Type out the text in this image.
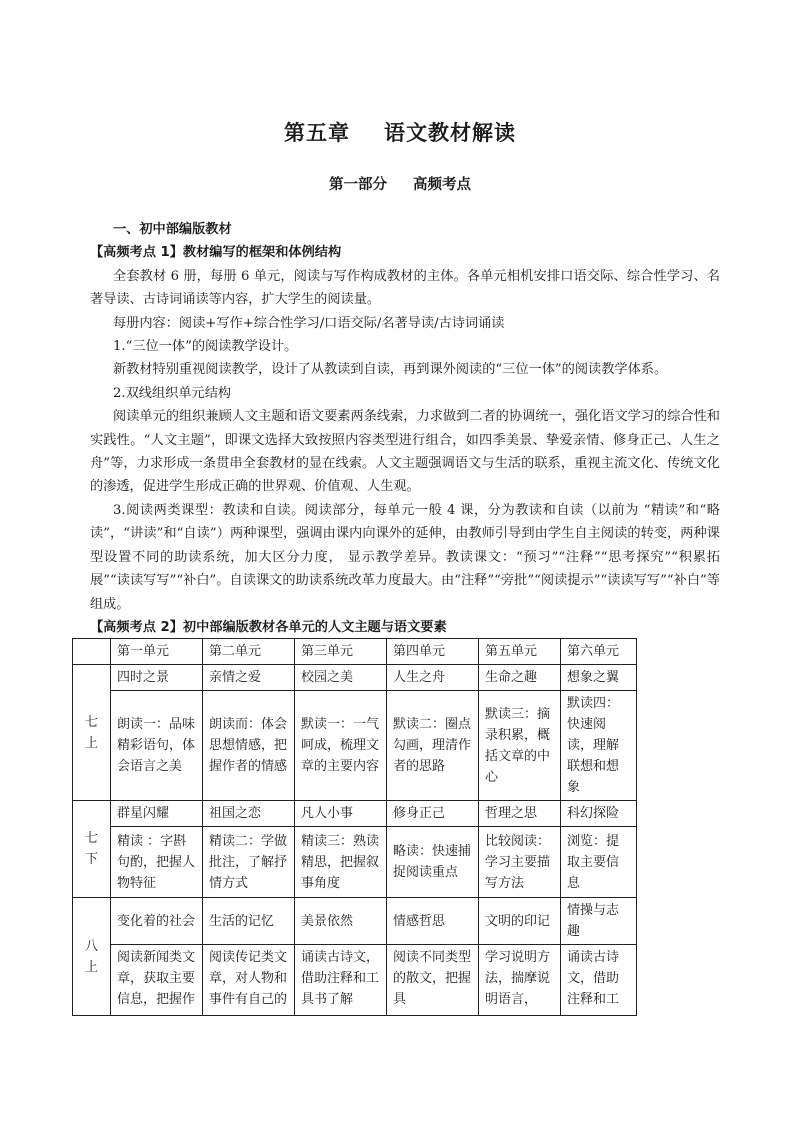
第五章 语文教材解读
第一部分 高频考点

一、初中部编版教材

【高频考点 1】教材编写的框架和体例结构

全套教材 6 册，每册 6 单元，阅读与写作构成教材的主体。各单元相机安排口语交际、综合性学习、名著导读、古诗词诵读等内容，扩大学生的阅读量。

每册内容：阅读+写作+综合性学习/口语交际/名著导读/古诗词诵读

1.“三位一体”的阅读教学设计。

新教材特别重视阅读教学，设计了从教读到自读，再到课外阅读的“三位一体”的阅读教学体系。

2.双线组织单元结构

阅读单元的组织兼顾人文主题和语文要素两条线索，力求做到二者的协调统一，强化语文学习的综合性和实践性。“人文主题”，即课文选择大致按照内容类型进行组合，如四季美景、挚爱亲情、修身正己、人生之舟”等，力求形成一条贯串全套教材的显在线索。人文主题强调语文与生活的联系，重视主流文化、传统文化的渗透，促进学生形成正确的世界观、价值观、人生观。

3.阅读两类课型：教读和自读。阅读部分，每单元一般 4 课，分为教读和自读（以前为 “精读”和“略读”，“讲读”和“自读”）两种课型，强调由课内向课外的延伸，由教师引导到由学生自主阅读的转变，两种课型设置不同的助读系统，加大区分力度， 显示教学差异。教读课文：“预习”“注释”“思考探究”“积累拓展”“读读写写”“补白”。自读课文的助读系统改革力度最大。由“注释”“旁批”“阅读提示”“读读写写”“补白”等组成。

【高频考点 2】初中部编版教材各单元的人文主题与语文要素

	第一单元	第二单元	第三单元	第四单元	第五单元	第六单元
七上	四时之景	亲情之爱	校园之美	人生之舟	生命之趣	想象之翼
	朗读一：品味精彩语句，体会语言之美	朗读而：体会思想情感，把握作者的情感	默读一：一气呵成，梳理文章的主要内容	默读二：圈点勾画，理清作者的思路	默读三：摘录积累，概括文章的中心	默读四：快速阅读，理解联想和想象
七下	群星闪耀	祖国之恋	凡人小事	修身正己	哲理之思	科幻探险
	精读 ：字斟句酌，把握人物特征	精读二：学做批注，了解抒情方式	精读三：熟读精思，把握叙事角度	略读：快速捕捉阅读重点	比较阅读：学习主要描写方法	浏览：提取主要信息
八上	变化着的社会	生活的记忆	美景依然	情感哲思	文明的印记	情操与志趣
	阅读新闻类文章，获取主要信息，把握作	阅读传记类文章，对人物和事件有自己的	诵读古诗文，借助注释和工具书了解	阅读不同类型的散文，把握具	学习说明方法，揣摩说明语言，	诵读古诗文，借助注释和工
